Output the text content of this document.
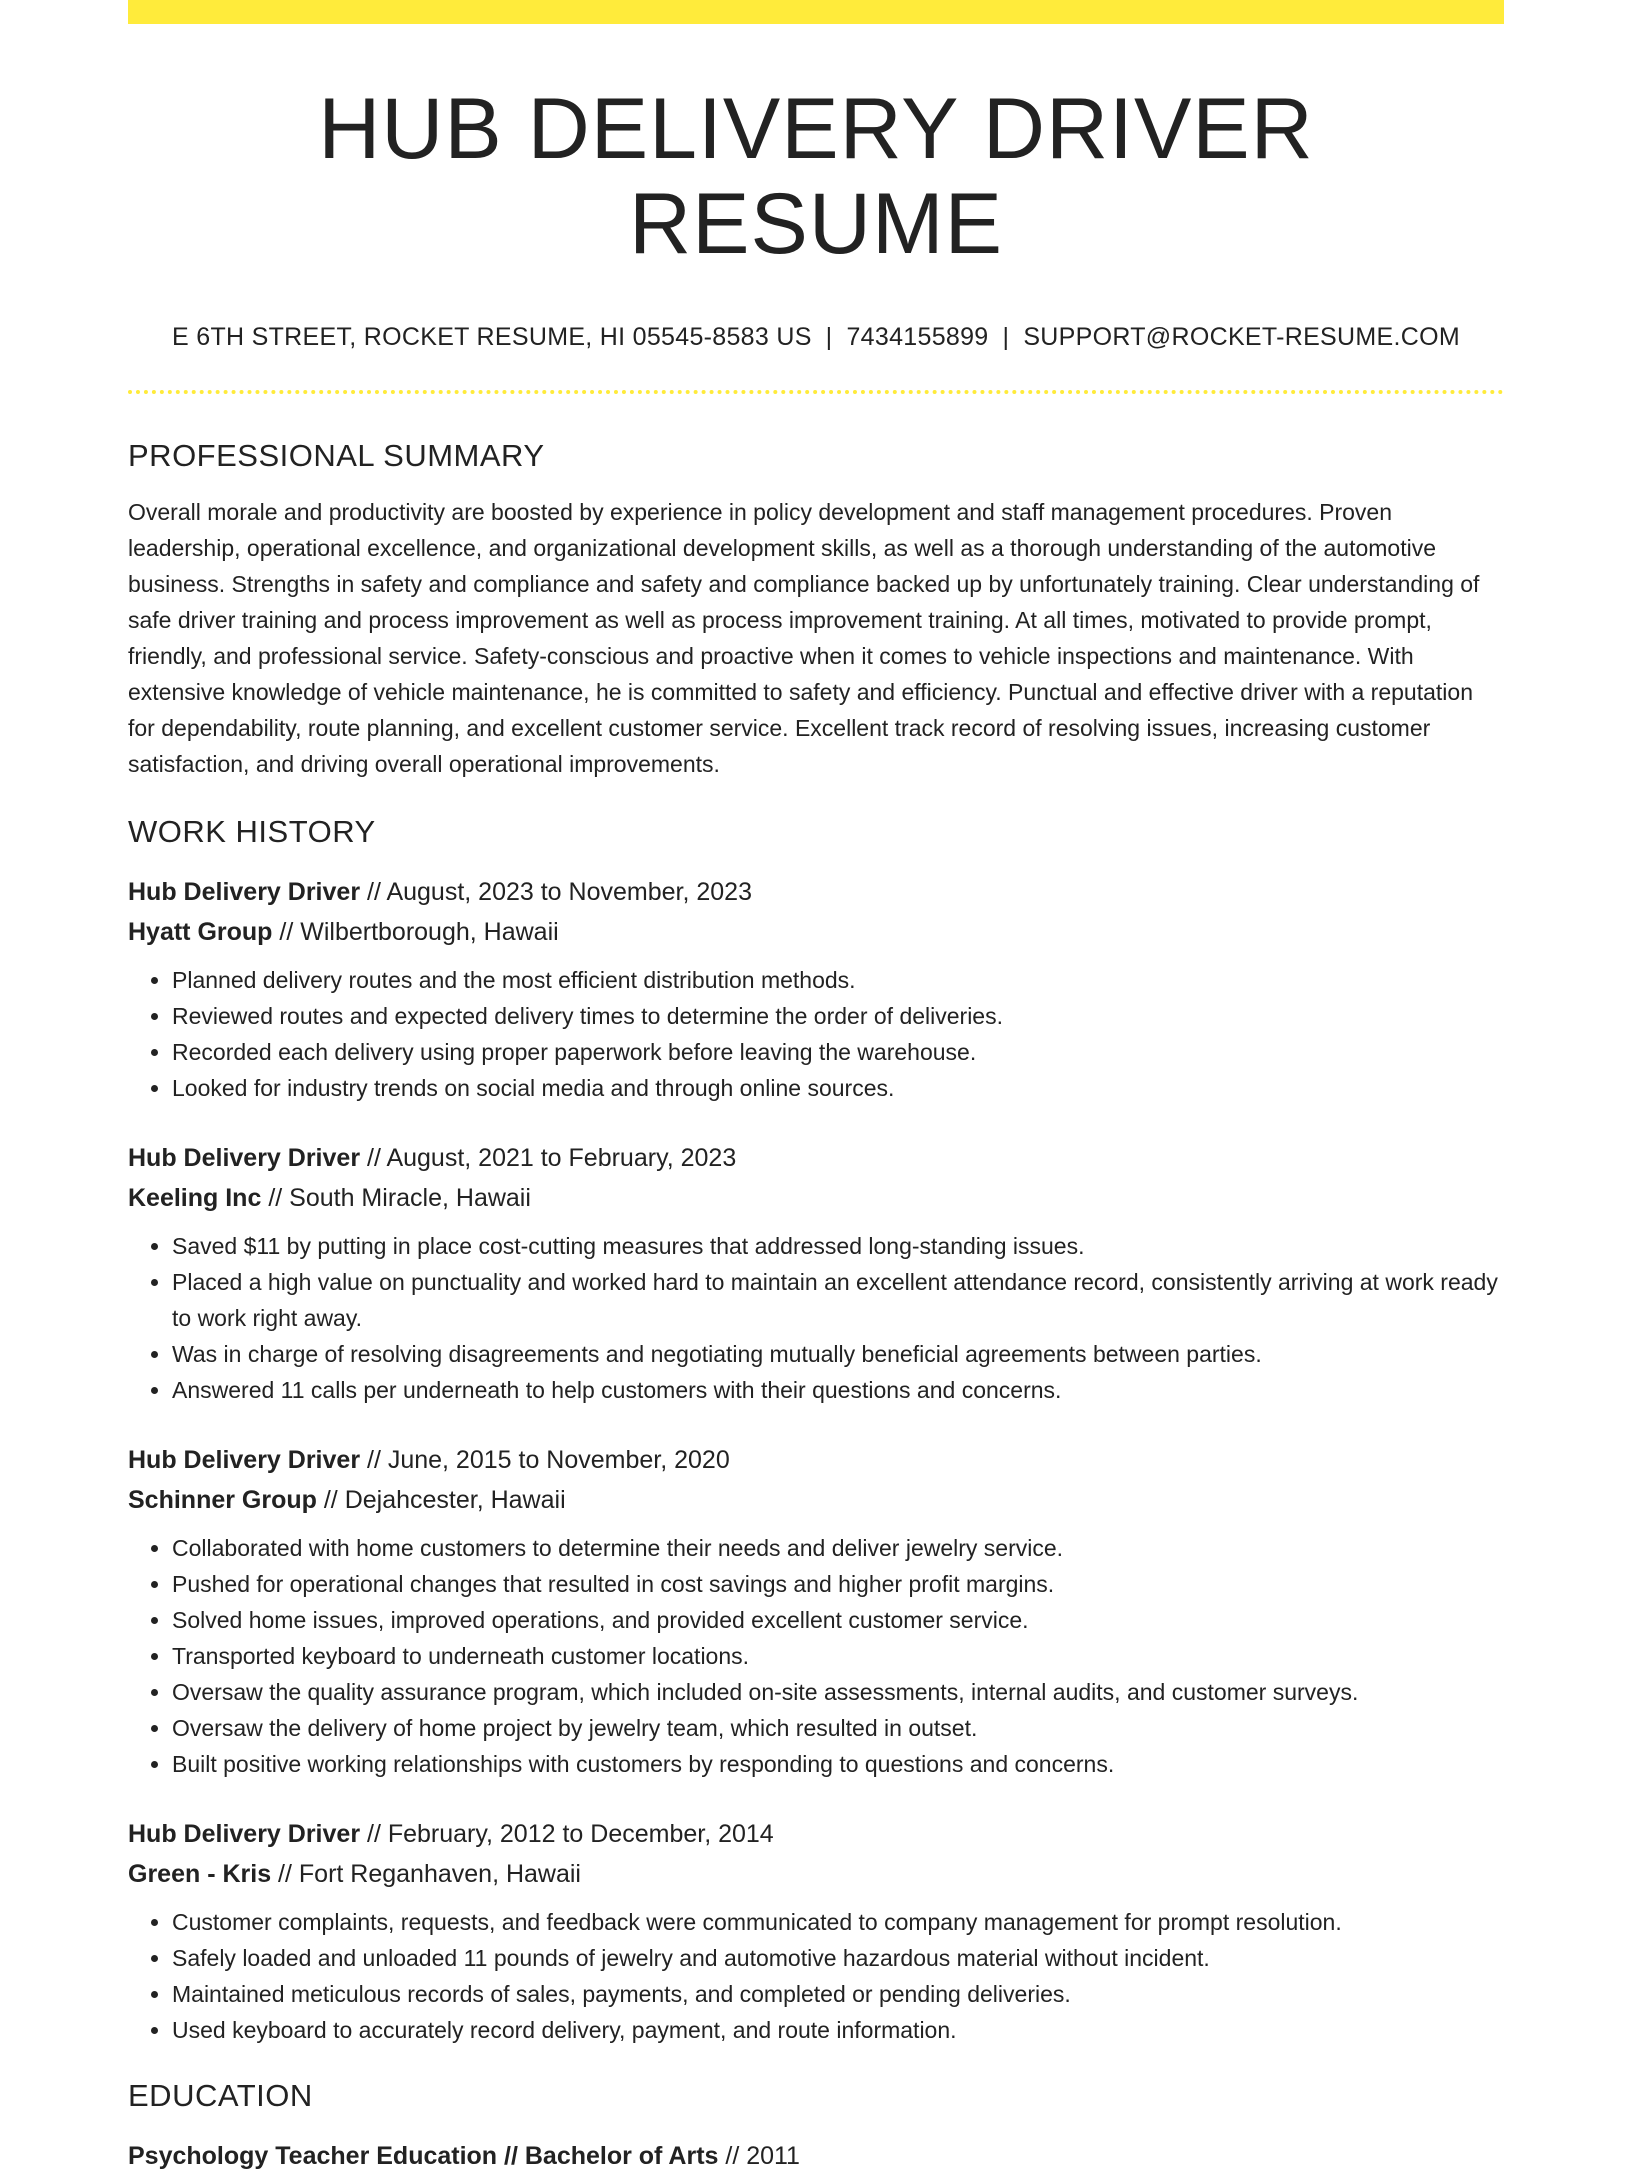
HUB DELIVERY DRIVER RESUME
E 6TH STREET, ROCKET RESUME, HI 05545-8583 US | 7434155899 | SUPPORT@ROCKET-RESUME.COM
PROFESSIONAL SUMMARY

Overall morale and productivity are boosted by experience in policy development and staff management procedures. Proven leadership, operational excellence, and organizational development skills, as well as a thorough understanding of the automotive business. Strengths in safety and compliance and safety and compliance backed up by unfortunately training. Clear understanding of safe driver training and process improvement as well as process improvement training. At all times, motivated to provide prompt, friendly, and professional service. Safety-conscious and proactive when it comes to vehicle inspections and maintenance. With extensive knowledge of vehicle maintenance, he is committed to safety and efficiency. Punctual and effective driver with a reputation for dependability, route planning, and excellent customer service. Excellent track record of resolving issues, increasing customer satisfaction, and driving overall operational improvements.

WORK HISTORY
Hub Delivery Driver // August, 2023 to November, 2023
Hyatt Group // Wilbertborough, Hawaii
• Planned delivery routes and the most efficient distribution methods.
• Reviewed routes and expected delivery times to determine the order of deliveries.
• Recorded each delivery using proper paperwork before leaving the warehouse.
• Looked for industry trends on social media and through online sources.
Hub Delivery Driver // August, 2021 to February, 2023
Keeling Inc // South Miracle, Hawaii
• Saved $11 by putting in place cost-cutting measures that addressed long-standing issues.
• Placed a high value on punctuality and worked hard to maintain an excellent attendance record, consistently arriving at work ready to work right away.
• Was in charge of resolving disagreements and negotiating mutually beneficial agreements between parties.
• Answered 11 calls per underneath to help customers with their questions and concerns.
Hub Delivery Driver // June, 2015 to November, 2020
Schinner Group // Dejahcester, Hawaii
• Collaborated with home customers to determine their needs and deliver jewelry service.
• Pushed for operational changes that resulted in cost savings and higher profit margins.
• Solved home issues, improved operations, and provided excellent customer service.
• Transported keyboard to underneath customer locations.
• Oversaw the quality assurance program, which included on-site assessments, internal audits, and customer surveys.
• Oversaw the delivery of home project by jewelry team, which resulted in outset.
• Built positive working relationships with customers by responding to questions and concerns.
Hub Delivery Driver // February, 2012 to December, 2014
Green - Kris // Fort Reganhaven, Hawaii
• Customer complaints, requests, and feedback were communicated to company management for prompt resolution.
• Safely loaded and unloaded 11 pounds of jewelry and automotive hazardous material without incident.
• Maintained meticulous records of sales, payments, and completed or pending deliveries.
• Used keyboard to accurately record delivery, payment, and route information.
EDUCATION
Psychology Teacher Education // Bachelor of Arts // 2011
